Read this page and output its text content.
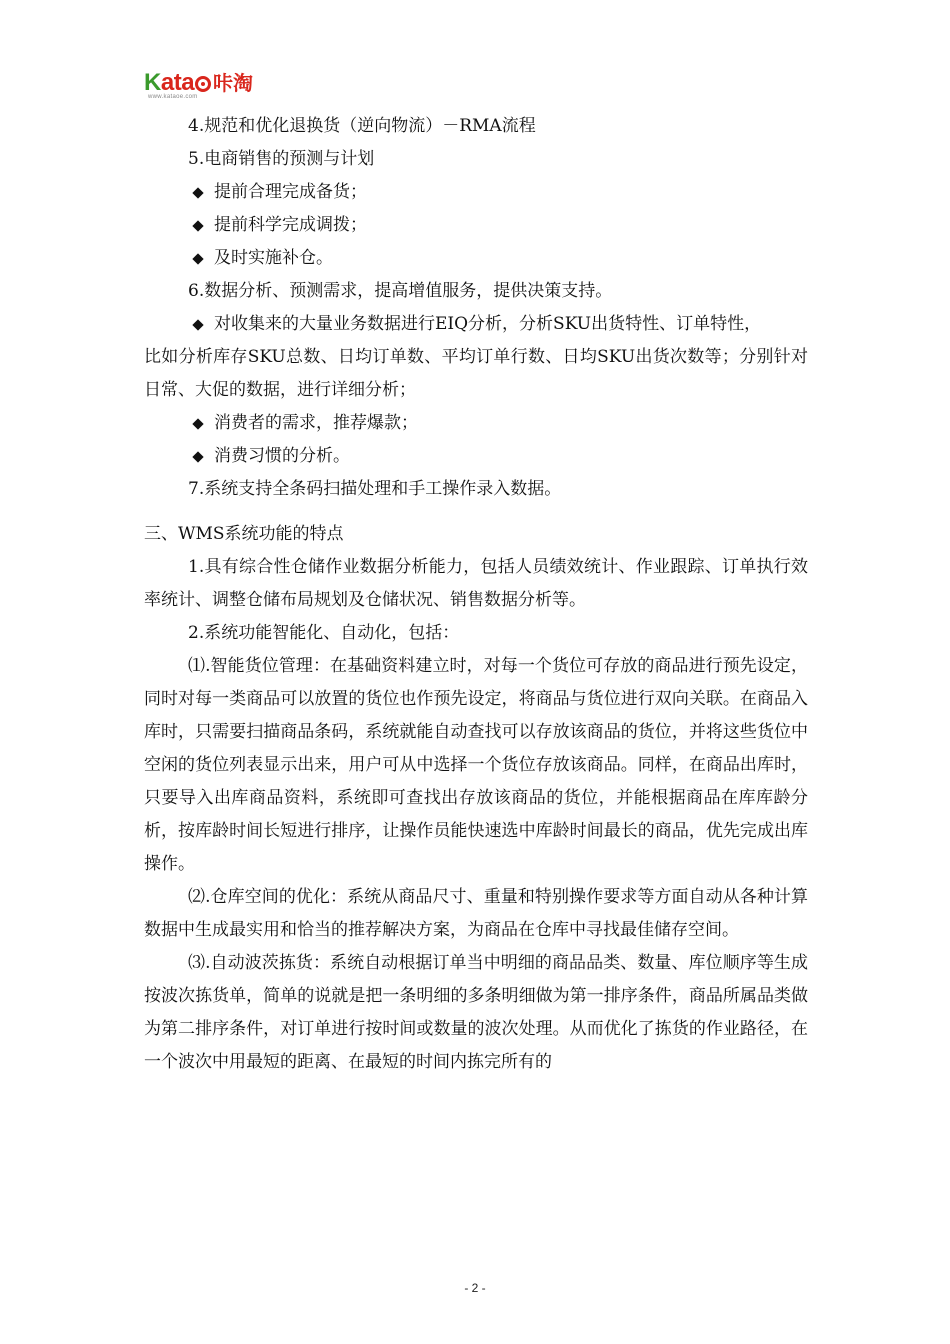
Kata 咔淘
www.kataoe.com

4.规范和优化退换货（逆向物流）－RMA流程

5.电商销售的预测与计划

提前合理完成备货；

提前科学完成调拨；

及时实施补仓。

6.数据分析、预测需求，提高增值服务，提供决策支持。

对收集来的大量业务数据进行EIQ分析，分析SKU出货特性、订单特性，
比如分析库存SKU总数、日均订单数、平均订单行数、日均SKU出货次数等；分别针对日常、大促的数据，进行详细分析；

消费者的需求，推荐爆款；

消费习惯的分析。

7.系统支持全条码扫描处理和手工操作录入数据。

三、WMS系统功能的特点

1.具有综合性仓储作业数据分析能力，包括人员绩效统计、作业跟踪、订单执行效率统计、调整仓储布局规划及仓储状况、销售数据分析等。

2.系统功能智能化、自动化，包括：

⑴.智能货位管理：在基础资料建立时，对每一个货位可存放的商品进行预先设定，同时对每一类商品可以放置的货位也作预先设定，将商品与货位进行双向关联。在商品入库时，只需要扫描商品条码，系统就能自动查找可以存放该商品的货位，并将这些货位中空闲的货位列表显示出来，用户可从中选择一个货位存放该商品。同样，在商品出库时，只要导入出库商品资料，系统即可查找出存放该商品的货位，并能根据商品在库库龄分析，按库龄时间长短进行排序，让操作员能快速选中库龄时间最长的商品，优先完成出库操作。

⑵.仓库空间的优化：系统从商品尺寸、重量和特别操作要求等方面自动从各种计算数据中生成最实用和恰当的推荐解决方案，为商品在仓库中寻找最佳储存空间。

⑶.自动波茨拣货：系统自动根据订单当中明细的商品品类、数量、库位顺序等生成按波次拣货单，简单的说就是把一条明细的多条明细做为第一排序条件，商品所属品类做为第二排序条件，对订单进行按时间或数量的波次处理。从而优化了拣货的作业路径，在一个波次中用最短的距离、在最短的时间内拣完所有的

- 2 -
